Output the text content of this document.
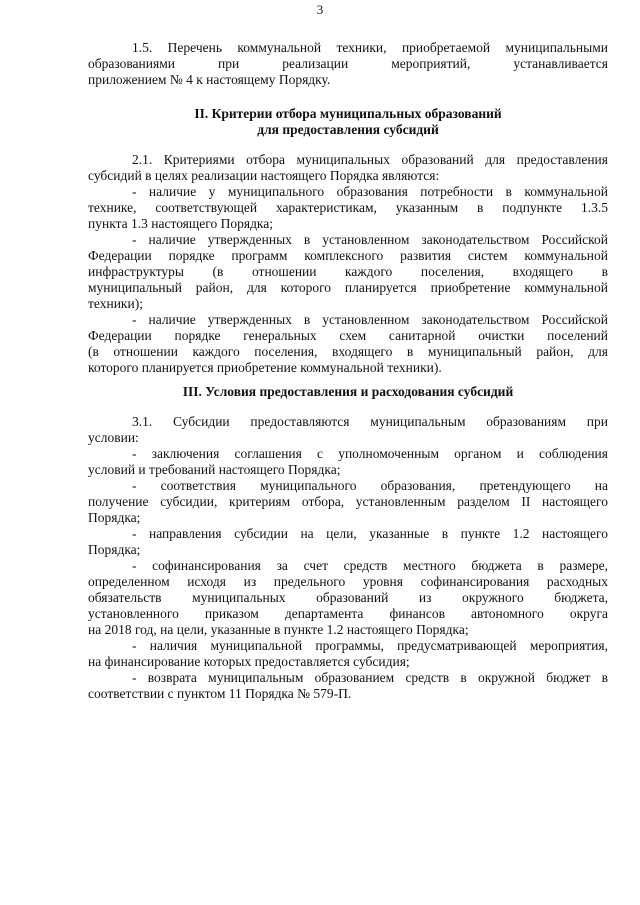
3
1.5. Перечень коммунальной техники, приобретаемой муниципальными
образованиями при реализации мероприятий, устанавливается
приложением № 4 к настоящему Порядку.
II. Критерии отбора муниципальных образований
для предоставления субсидий
2.1. Критериями отбора муниципальных образований для предоставления
субсидий в целях реализации настоящего Порядка являются:
- наличие у муниципального образования потребности в коммунальной
технике, соответствующей характеристикам, указанным в подпункте 1.3.5
пункта 1.3 настоящего Порядка;
- наличие утвержденных в установленном законодательством Российской
Федерации порядке программ комплексного развития систем коммунальной
инфраструктуры (в отношении каждого поселения, входящего в
муниципальный район, для которого планируется приобретение коммунальной
техники);
- наличие утвержденных в установленном законодательством Российской
Федерации порядке генеральных схем санитарной очистки поселений
(в отношении каждого поселения, входящего в муниципальный район, для
которого планируется приобретение коммунальной техники).
III. Условия предоставления и расходования субсидий
3.1. Субсидии предоставляются муниципальным образованиям при
условии:
- заключения соглашения с уполномоченным органом и соблюдения
условий и требований настоящего Порядка;
- соответствия муниципального образования, претендующего на
получение субсидии, критериям отбора, установленным разделом II настоящего
Порядка;
- направления субсидии на цели, указанные в пункте 1.2 настоящего
Порядка;
- софинансирования за счет средств местного бюджета в размере,
определенном исходя из предельного уровня софинансирования расходных
обязательств муниципальных образований из окружного бюджета,
установленного приказом департамента финансов автономного округа
на 2018 год, на цели, указанные в пункте 1.2 настоящего Порядка;
- наличия муниципальной программы, предусматривающей мероприятия,
на финансирование которых предоставляется субсидия;
- возврата муниципальным образованием средств в окружной бюджет в
соответствии с пунктом 11 Порядка № 579-П.
